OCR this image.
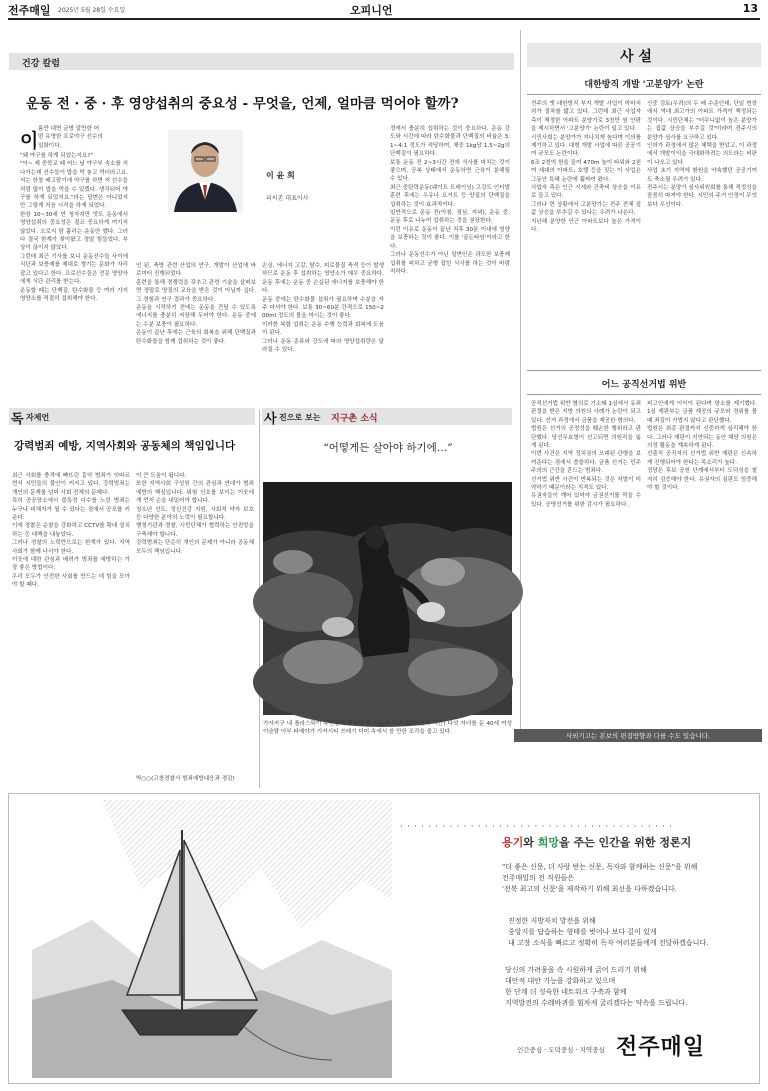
전주매일 2025년 5월 28일 수요일	오피니언	13
건강 칼럼
운동 전 · 중 · 후 영양섭취의 중요성 - 무엇을, 언제, 얼마큼 먹어야 할까?
이
름만 대면 금방 알만한 어
떤 유명한 프로야구 선수의
일화이다.
"왜 야구를 하게 되었는지요?"
"아~ 제 중학교 때 어느 날 야구부 숙소를 지나가는데 선수들이 밥을 막 놓고 먹더라고요. 저는 한창 배고팠기에 야구를 하면 저 선수들처럼 많이 밥을 먹을 수 있겠다. 생각되어 야구를 하게 되었지요."라는 답변은 아니었지만 그렇게 처음 시작을 하게 되었다.
한창 10~30세 연 청자지만 맛도 운동에서 영양섭취의 중요성은 결코 중요하게 여기지 않았다. 오로지 땀 흘리는 운동만 했다. 그러다 결국 한계가 찾아왔고 정말 힘들었다. 부상이 끊이지 않았다.
그런데 최근 기사를 보니 운동선수들 사이에 식단과 보충제를 제대로 챙기는 문화가 자리잡고 있다고 한다. 프로선수들은 전문 영양사에게 식단 관리를 받는다.
운동할 때는 단백질, 탄수화물 등 여러 가지 영양소를 적절히 섭취해야 한다.
이 윤 희
피씨존 대표이사
인 된, 축방 관련 산업의 연구, 개발이 산업에 바로미터 진행되었다.
훈련을 통해 경쟁력을 갖추고 관련 기술을 살펴보면 정말로 양질의 교육을 받은 것이 아닐까 싶다. 그 경험과 연구 결과가 중요하다.
운동을 시작하기 전에는 운동을 견딜 수 있도록 에너지를 충분히 저장해 두어야 한다. 운동 중에는 수분 보충이 필요하다.
운동이 끝난 후에는 근육의 회복을 위해 단백질과 탄수화물을 함께 섭취하는 것이 좋다.
손상, 에너지 고갈, 탈수, 피로물질 축적 등이 발생하므로 운동 후 섭취하는 영양소가 매우 중요하다. 운동 후에는 운동 중 손실된 에너지를 보충해야 한다.
운동 중에는 탄수화물 섭취가 필요하며 수분을 자주 마셔야 한다. 보통 30~60분 간격으로 150~200ml 정도의 물을 마시는 것이 좋다.
이러한 복합 섭취는 운동 수행 능력과 회복에 도움이 된다.
그러나 운동 종류와 강도에 따라 영양섭취량은 달라질 수 있다.
정에서 충분히 섭취하는 것이 중요하다. 운동 강도와 시간에 따라 탄수화물과 단백질의 비율은 3:1~4:1 정도가 적당하며, 체중 1kg당 1.5~2g의 단백질이 필요하다.
보통 운동 전 2~3시간 전에 식사를 마치는 것이 좋으며, 공복 상태에서 운동하면 근육이 분해될 수 있다.
최근 중탄력운동(웨이트 트레이닝) 고강도 인터벌 훈련 후에는 우유나 요거트 등 양질의 단백질을 섭취하는 것이 효과적이다.
일반적으로 운동 전(아침, 점심, 저녁), 운동 중, 운동 후로 나누어 섭취하는 것을 권장한다.
이런 이유로 운동이 끝난 직후 30분 이내에 영양을 보충하는 것이 좋다. 이를 '골든타임'이라고 한다.
그러나 운동선수가 아닌 일반인은 과도한 보충제 섭취를 피하고 균형 잡힌 식사를 하는 것이 바람직하다.
사 설
대한방직 개발 '고분양가' 논란
전주의 옛 대한방직 부지 개발 사업이 막바지 허가 절차를 밟고 있다. 그런데 최근 사업자 측이 책정한 아파트 분양가로 3천만 원 안팎을 제시하면서 '고분양가' 논란이 일고 있다.
시민사회는 분양가가 지나치게 높다며 이의를 제기하고 있다. 대형 개발 사업에 따른 공공기여 규모도 논란이다.
6조 2천억 원을 들여 470m 높이 타워와 2천여 세대의 아파트, 호텔 등을 짓는 이 사업은 그동안 특혜 논란에 휩싸여 왔다.
사업자 측은 인근 시세와 건축비 상승을 이유로 들고 있다.
그러나 현 상황에서 고분양가는 전주 전체 집값 상승을 부추길 수 있다는 우려가 나온다.
지난해 분양한 인근 아파트보다 높은 가격이다.
신중 검토(우려)의 두 배 수준인데, 단일 현장에서 역대 최고가의 아파트 가격이 책정되는 것이다. 시민단체는 "터무니없이 높은 분양가는 집값 상승을 부추길 것"이라며 전주시의 분양가 심사를 요구하고 있다.
인허가 과정에서 많은 혜택을 받았고, 이 과정에서 개발이익을 극대화하려는 의도라는 비판이 나오고 있다.
사업 초기 지역에 환원을 약속했던 공공기여도 축소될 우려가 있다.
전주시는 분양가 심사위원회를 통해 적정성을 꼼꼼히 따져야 한다. 시민의 주거 안정이 무엇보다 우선이다.
어느 공직선거법 위반
공직선거법 위반 혐의로 기소돼 1심에서 유죄 판결을 받은 지방 의원의 사례가 논란이 되고 있다. 선거 과정에서 금품을 제공한 혐의다.
법원은 선거의 공정성을 훼손한 행위라고 판단했다. 당선무효형이 선고되면 의원직을 잃게 된다.
이번 사건은 지역 정치권의 오래된 관행을 보여준다는 점에서 씁쓸하다. 금품 선거는 민주주의의 근간을 흔드는 범죄다.
선거법 위반 사건이 반복되는 것은 처벌이 미약하기 때문이라는 지적도 있다.
유권자들이 깨어 있어야 금권선거를 막을 수 있다. 공명선거를 위한 감시가 필요하다.
피고인에게 이익이 된다며 항소를 제기했다. 1심 재판부는 금품 제공의 규모와 경위를 볼 때 죄질이 가볍지 않다고 판단했다.
법원은 최종 판결까지 신중하게 심리해야 한다. 그러나 재판이 지연되는 동안 해당 의원은 의정 활동을 계속하게 된다.
선출직 공직자의 선거법 위반 재판은 신속하게 진행되어야 한다는 목소리가 높다.
정당은 후보 공천 단계에서부터 도덕성을 철저히 검증해야 한다. 유권자의 심판도 엄중해야 할 것이다.
사외기고는 본보의 편집방향과 다를 수도 있습니다.
독 자제언
강력범죄 예방, 지역사회와 공동체의 책임입니다
최근 사회를 충격에 빠뜨린 흉악 범죄가 잇따르면서 시민들의 불안이 커지고 있다. 강력범죄는 개인의 문제를 넘어 사회 전체의 문제다.
특히 공공장소에서 불특정 다수를 노린 범죄는 누구나 피해자가 될 수 있다는 점에서 공포를 키운다.
이에 경찰은 순찰을 강화하고 CCTV를 확대 설치하는 등 대책을 내놓았다.
그러나 경찰의 노력만으로는 한계가 있다. 지역사회가 함께 나서야 한다.
이웃에 대한 관심과 배려가 범죄를 예방하는 가장 좋은 방법이다.
우리 모두가 안전한 사회를 만드는 데 힘을 모아야 할 때다.
이 큰 도움이 됩니다.
또한 지역사회 구성원 간의 관심과 연대가 범죄 예방의 핵심입니다. 위험 신호를 보이는 이웃에게 먼저 손을 내밀어야 합니다.
청소년 선도, 정신건강 지원, 사회적 약자 보호 등 다양한 분야의 노력이 필요합니다.
행정기관과 경찰, 시민단체가 협력하는 안전망을 구축해야 합니다.
강력범죄는 단순히 개인의 문제가 아니라 공동체 모두의 책임입니다.
박○○(고창경찰서 범죄예방대응과 경감)
사 진으로 보는 지구촌 소식
“어떻게든 살아야 하기에…”
가자지구 내 플라스틱이 주민들의 일상이 된 가운데 지난 26일(현지 시간) 다섯 자녀를 둔 40세 여성 이슬람 아부 타예야가 가자시티 쓰레기 더미 속에서 쓸 만한 조각을 줍고 있다.
· · · · · · · · · · · · · · · · · · · · · · · · · · · · · · · · · · · · · · ·
용기와 희망을 주는 인간을 위한 정론지
"더 좋은 신문, 더 사랑 받는 신문, 독자와 함께하는 신문"을 위해
전주매일의 전 직원들은
'전북 최고의 신문'을 제작하기 위해 최선을 다하겠습니다.
진정한 지방자치 발전을 위해
중앙지를 답습하는 형태를 벗어나 보다 깊이 있게
내 고장 소식을 빠르고 정확히 독자 여러분들에게 전달하겠습니다.
당신의 가려움을 속 시원하게 긁어 드리기 위해
대안적 대안 기능을 강화하고 있으며
한 단계 더 성숙한 네트워크 구축과 함께
지역발전의 수레바퀴를 힘차게 굴리겠다는 약속을 드립니다.
인간중심 · 도덕중심 · 지역중심 전주매일
